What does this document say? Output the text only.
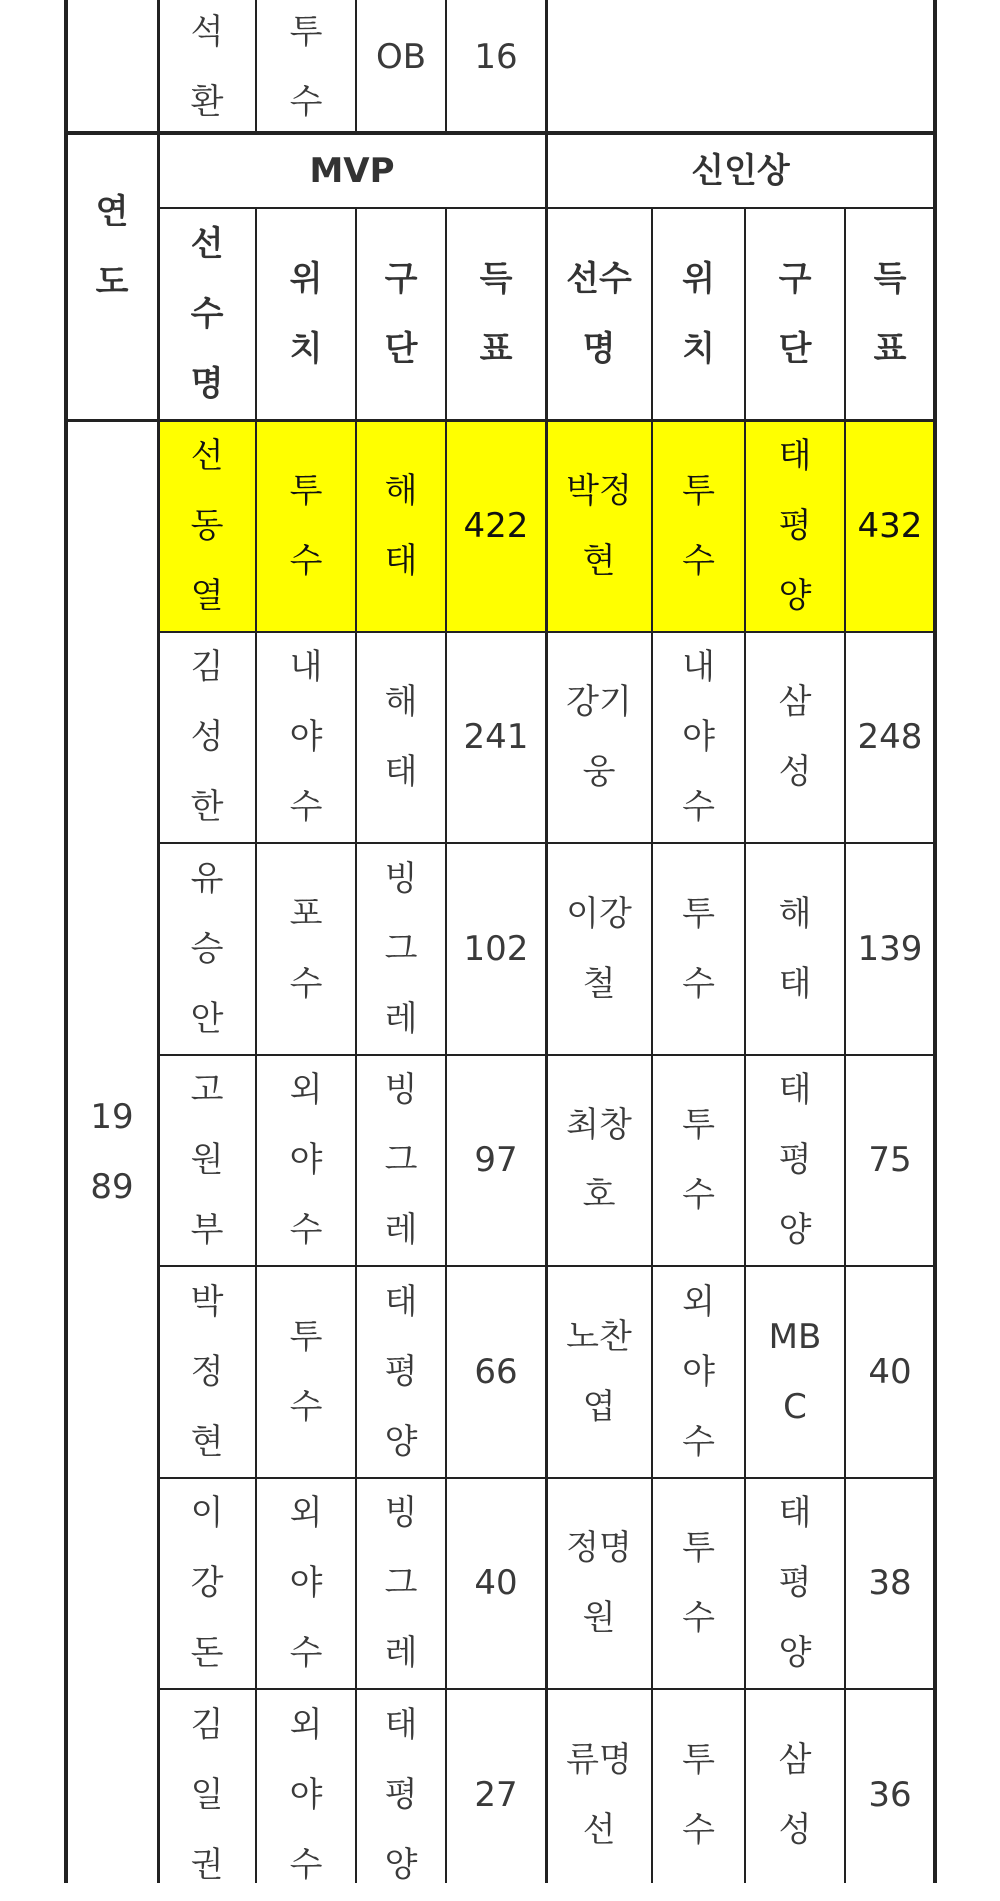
석
환
투
수
OB 16
연
도
MVP	신인상
선
수
명
위
치
구
단
득
표
선수
명
위
치
구
단
득
표
선
동
열
투
수
해
태
422
박정
현
투
수
태
평
양
432
김
성
한
내
야
수
해
태
241
강기
웅
내
야
수
삼
성
248
유
승
안
포
수
빙
그
레
102
이강
철
투
수
해
태
139
고
원
부
외
야
수
빙
그
레
97
최창
호
투
수
태
평
양
75
박
정
현
투
수
태
평
양
66
노찬
엽
외
야
수
MB
C
40
이
강
돈
외
야
수
빙
그
레
40
정명
원
투
수
태
평
양
38
김
일
권
외
야
수
태
평
양
27
류명
선
투
수
삼
성
36
19
89
